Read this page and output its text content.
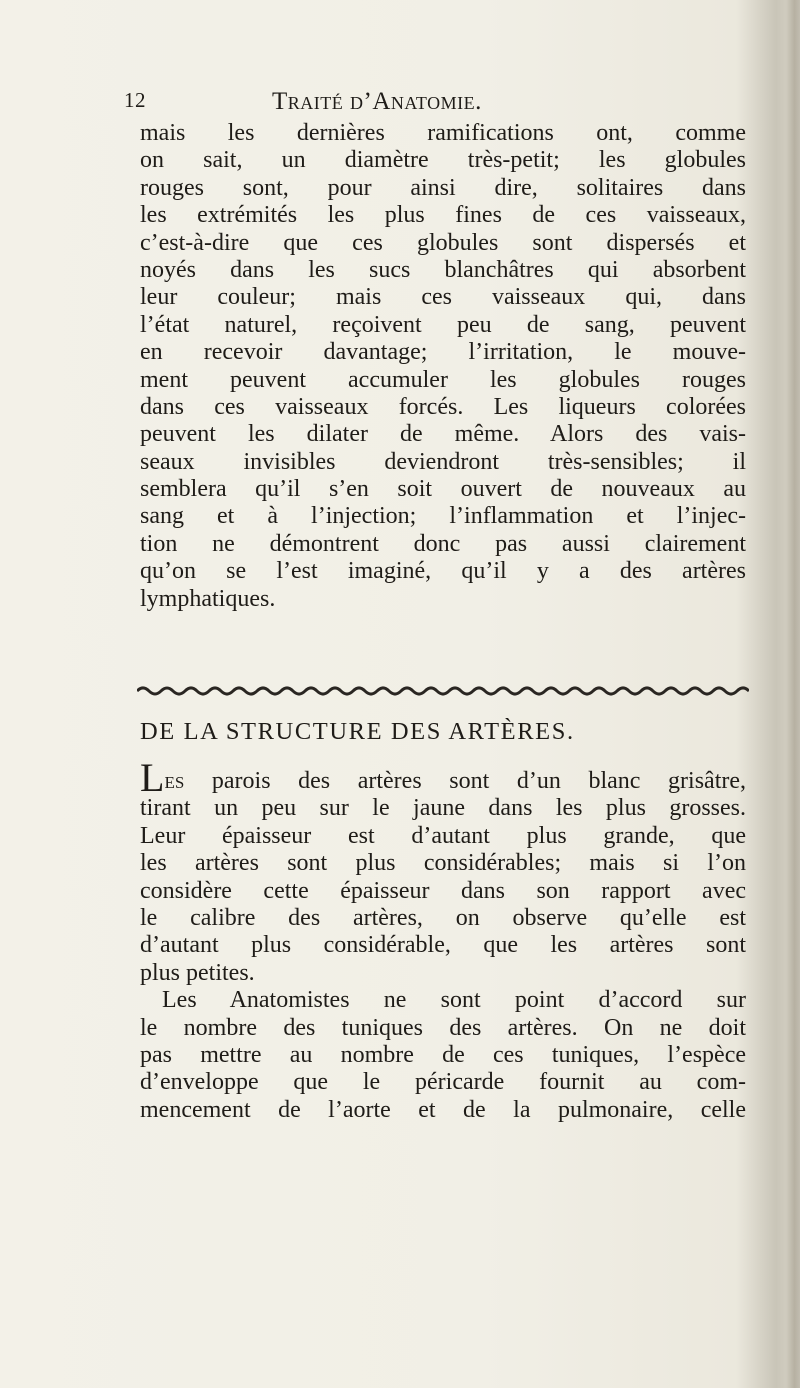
12	Traité d’Anatomie.
mais les dernières ramifications ont, comme
on sait, un diamètre très-petit; les globules
rouges sont, pour ainsi dire, solitaires dans
les extrémités les plus fines de ces vaisseaux,
c’est-à-dire que ces globules sont dispersés et
noyés dans les sucs blanchâtres qui absorbent
leur couleur; mais ces vaisseaux qui, dans
l’état naturel, reçoivent peu de sang, peuvent
en recevoir davantage; l’irritation, le mouve-
ment peuvent accumuler les globules rouges
dans ces vaisseaux forcés. Les liqueurs colorées
peuvent les dilater de même. Alors des vais-
seaux invisibles deviendront très-sensibles; il
semblera qu’il s’en soit ouvert de nouveaux au
sang et à l’injection; l’inflammation et l’injec-
tion ne démontrent donc pas aussi clairement
qu’on se l’est imaginé, qu’il y a des artères
lymphatiques.
DE LA STRUCTURE DES ARTÈRES.
Les parois des artères sont d’un blanc grisâtre,
tirant un peu sur le jaune dans les plus grosses.
Leur épaisseur est d’autant plus grande, que
les artères sont plus considérables; mais si l’on
considère cette épaisseur dans son rapport avec
le calibre des artères, on observe qu’elle est
d’autant plus considérable, que les artères sont
plus petites.
Les Anatomistes ne sont point d’accord sur
le nombre des tuniques des artères. On ne doit
pas mettre au nombre de ces tuniques, l’espèce
d’enveloppe que le péricarde fournit au com-
mencement de l’aorte et de la pulmonaire, celle
